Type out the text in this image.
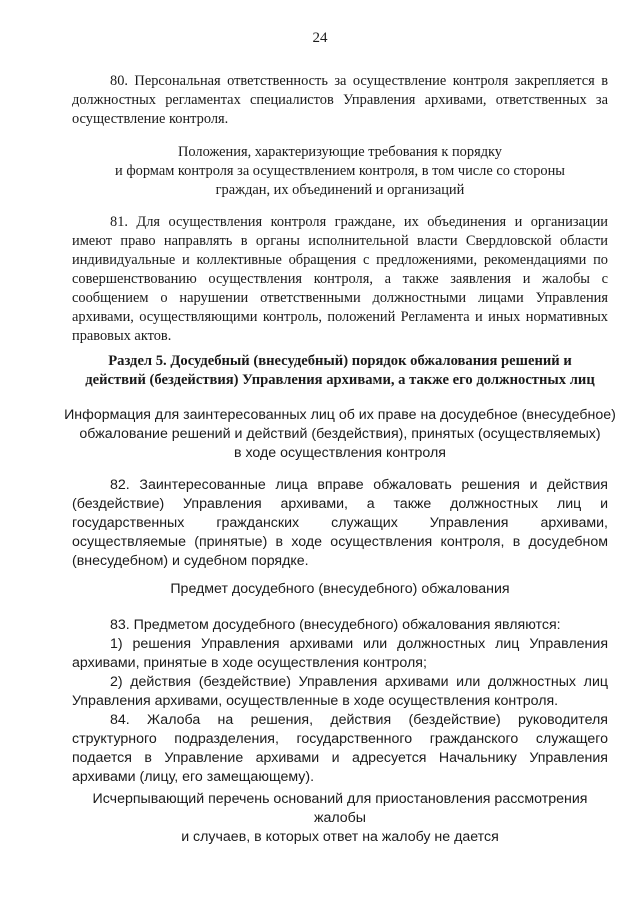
24

80. Персональная ответственность за осуществление контроля закрепляется в должностных регламентах специалистов Управления архивами, ответственных за осуществление контроля.

Положения, характеризующие требования к порядку
и формам контроля за осуществлением контроля, в том числе со стороны
граждан, их объединений и организаций

81. Для осуществления контроля граждане, их объединения и организации имеют право направлять в органы исполнительной власти Свердловской области индивидуальные и коллективные обращения с предложениями, рекомендациями по совершенствованию осуществления контроля, а также заявления и жалобы с сообщением о нарушении ответственными должностными лицами Управления архивами, осуществляющими контроль, положений Регламента и иных нормативных правовых актов.

Раздел 5. Досудебный (внесудебный) порядок обжалования решений и
действий (бездействия) Управления архивами, а также его должностных лиц
Информация для заинтересованных лиц об их праве на досудебное (внесудебное)
обжалование решений и действий (бездействия), принятых (осуществляемых)
в ходе осуществления контроля

82. Заинтересованные лица вправе обжаловать решения и действия (бездействие) Управления архивами, а также должностных лиц и государственных гражданских служащих Управления архивами, осуществляемые (принятые) в ходе осуществления контроля, в досудебном (внесудебном) и судебном порядке.

Предмет досудебного (внесудебного) обжалования

83. Предметом досудебного (внесудебного) обжалования являются:

1) решения Управления архивами или должностных лиц Управления архивами, принятые в ходе осуществления контроля;

2) действия (бездействие) Управления архивами или должностных лиц Управления архивами, осуществленные в ходе осуществления контроля.

84. Жалоба на решения, действия (бездействие) руководителя структурного подразделения, государственного гражданского служащего подается в Управление архивами и адресуется Начальнику Управления архивами (лицу, его замещающему).

Исчерпывающий перечень оснований для приостановления рассмотрения жалобы
и случаев, в которых ответ на жалобу не дается
